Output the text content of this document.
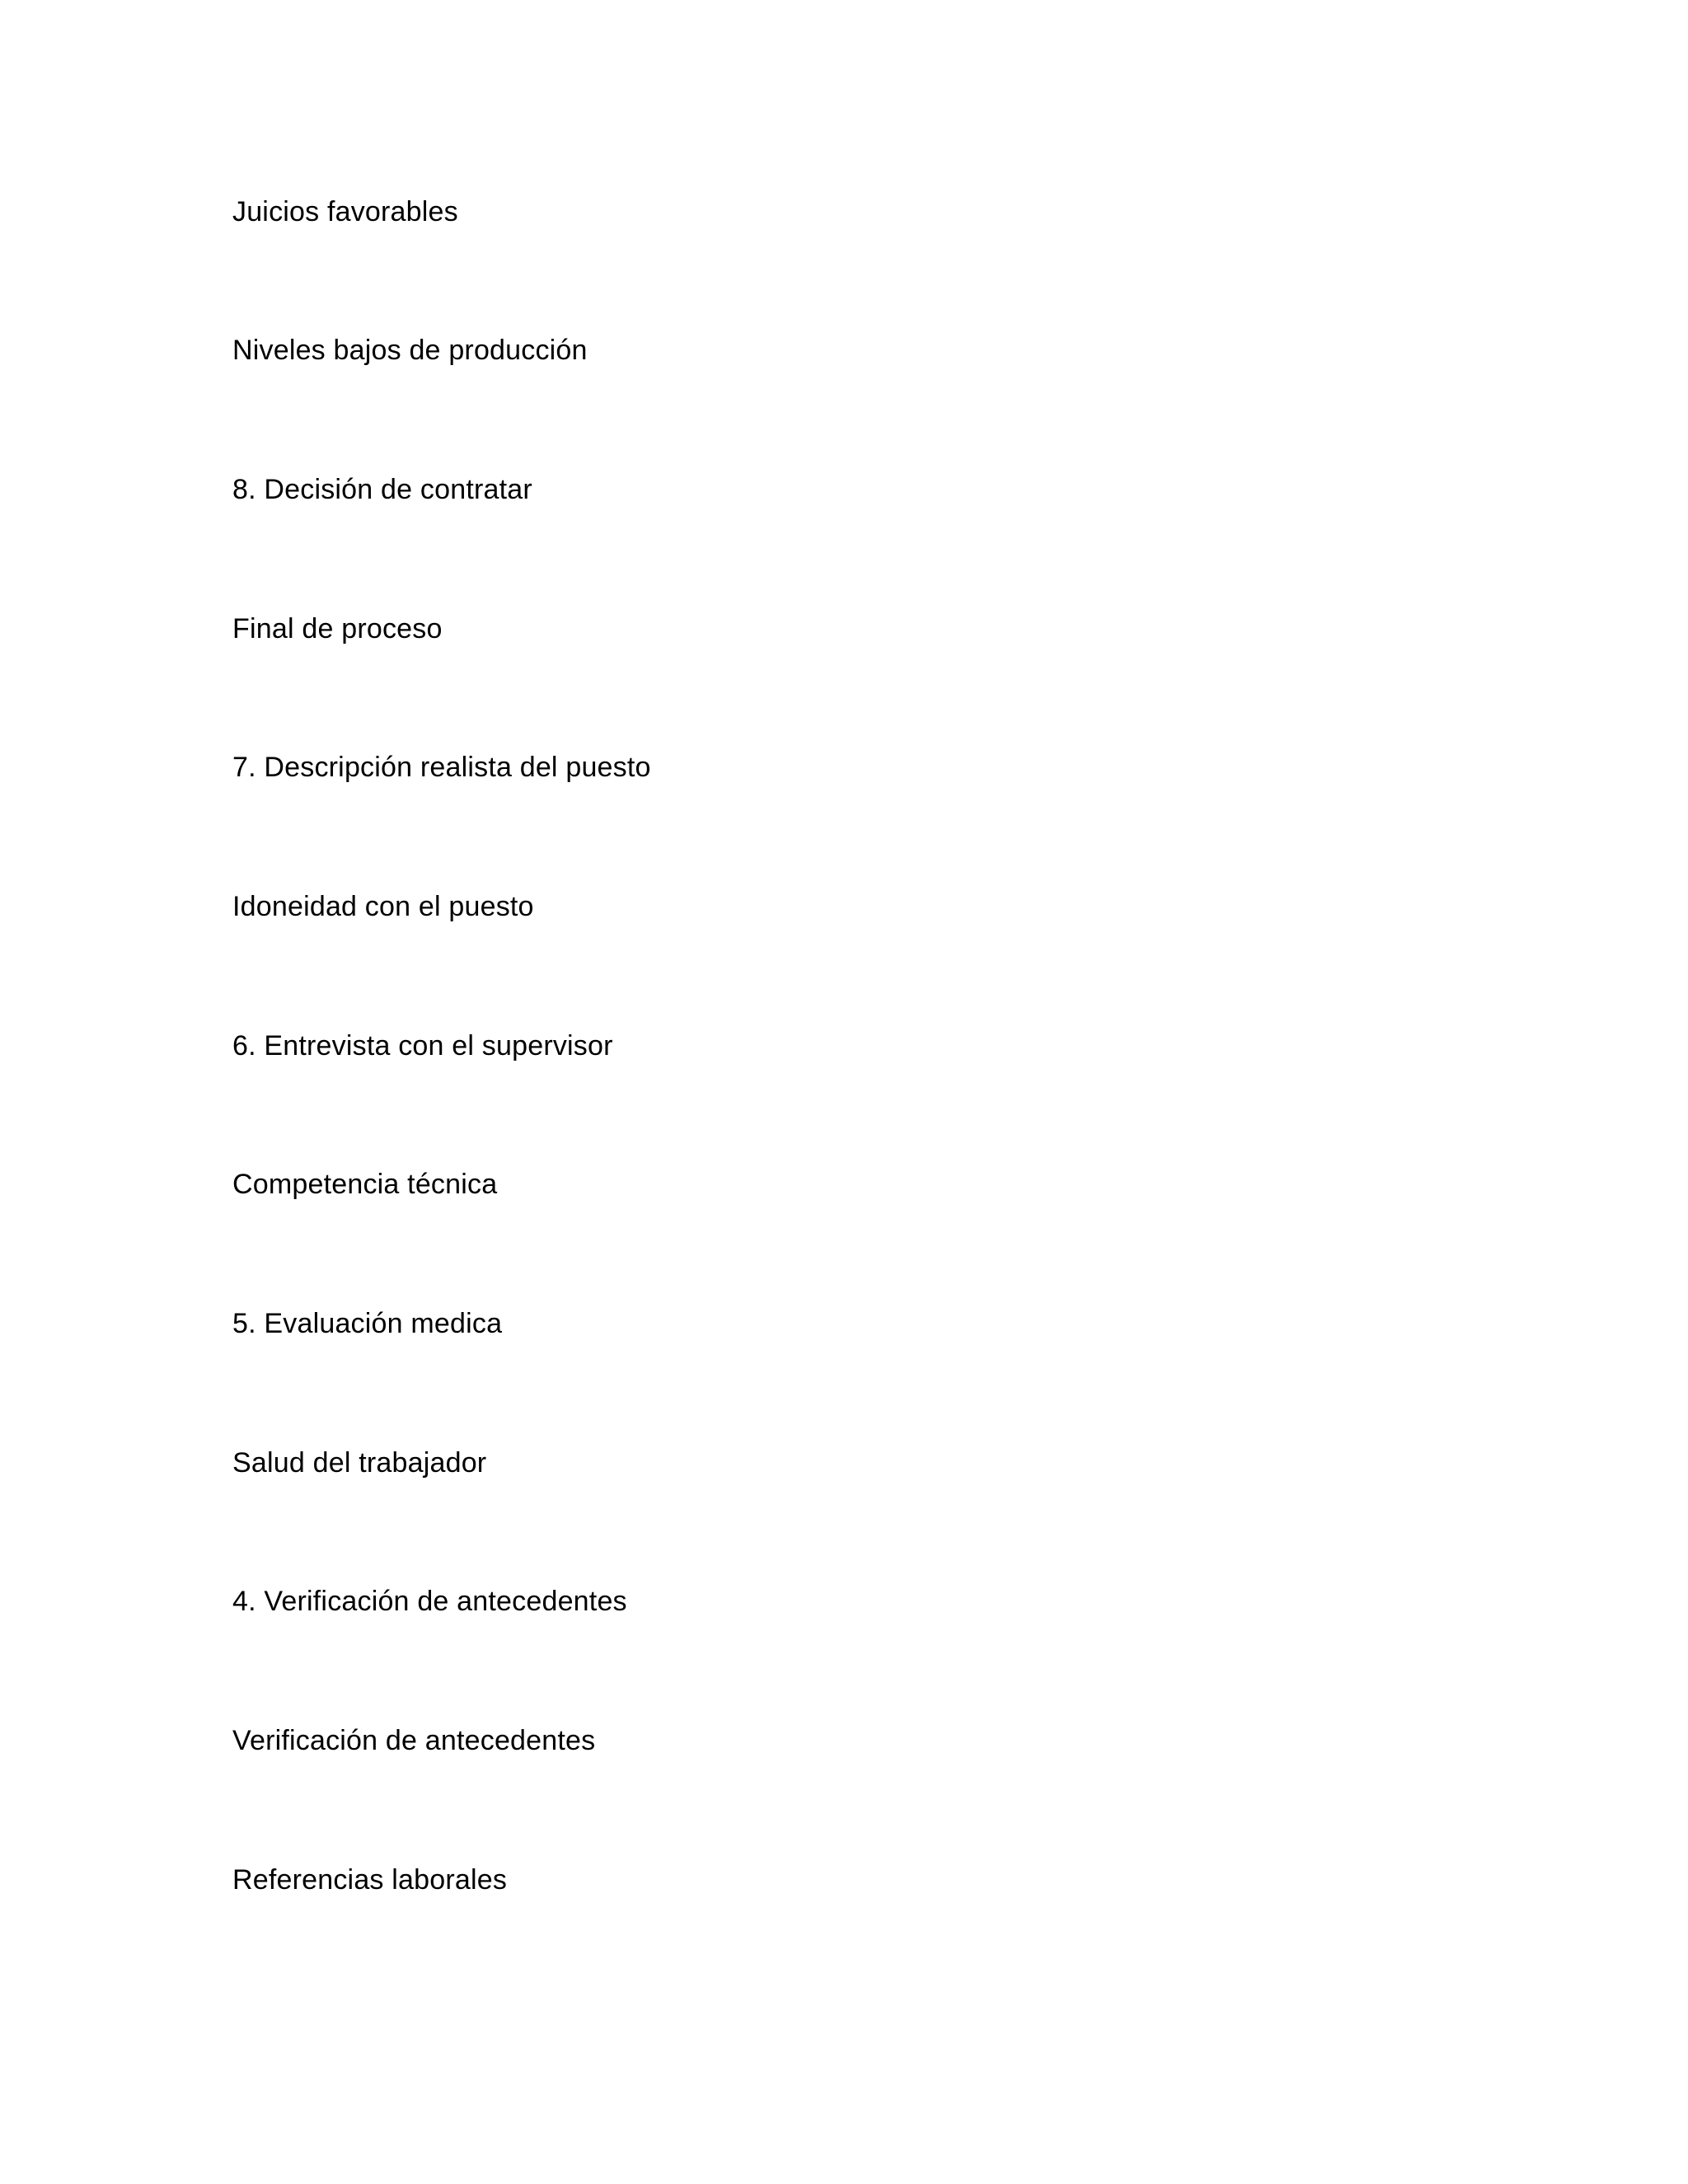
Juicios favorables
Niveles bajos de producción
8. Decisión de contratar
Final de proceso
7. Descripción realista del puesto
Idoneidad con el puesto
6. Entrevista con el supervisor
Competencia técnica
5. Evaluación medica
Salud del trabajador
4. Verificación de antecedentes
Verificación de antecedentes
Referencias laborales
